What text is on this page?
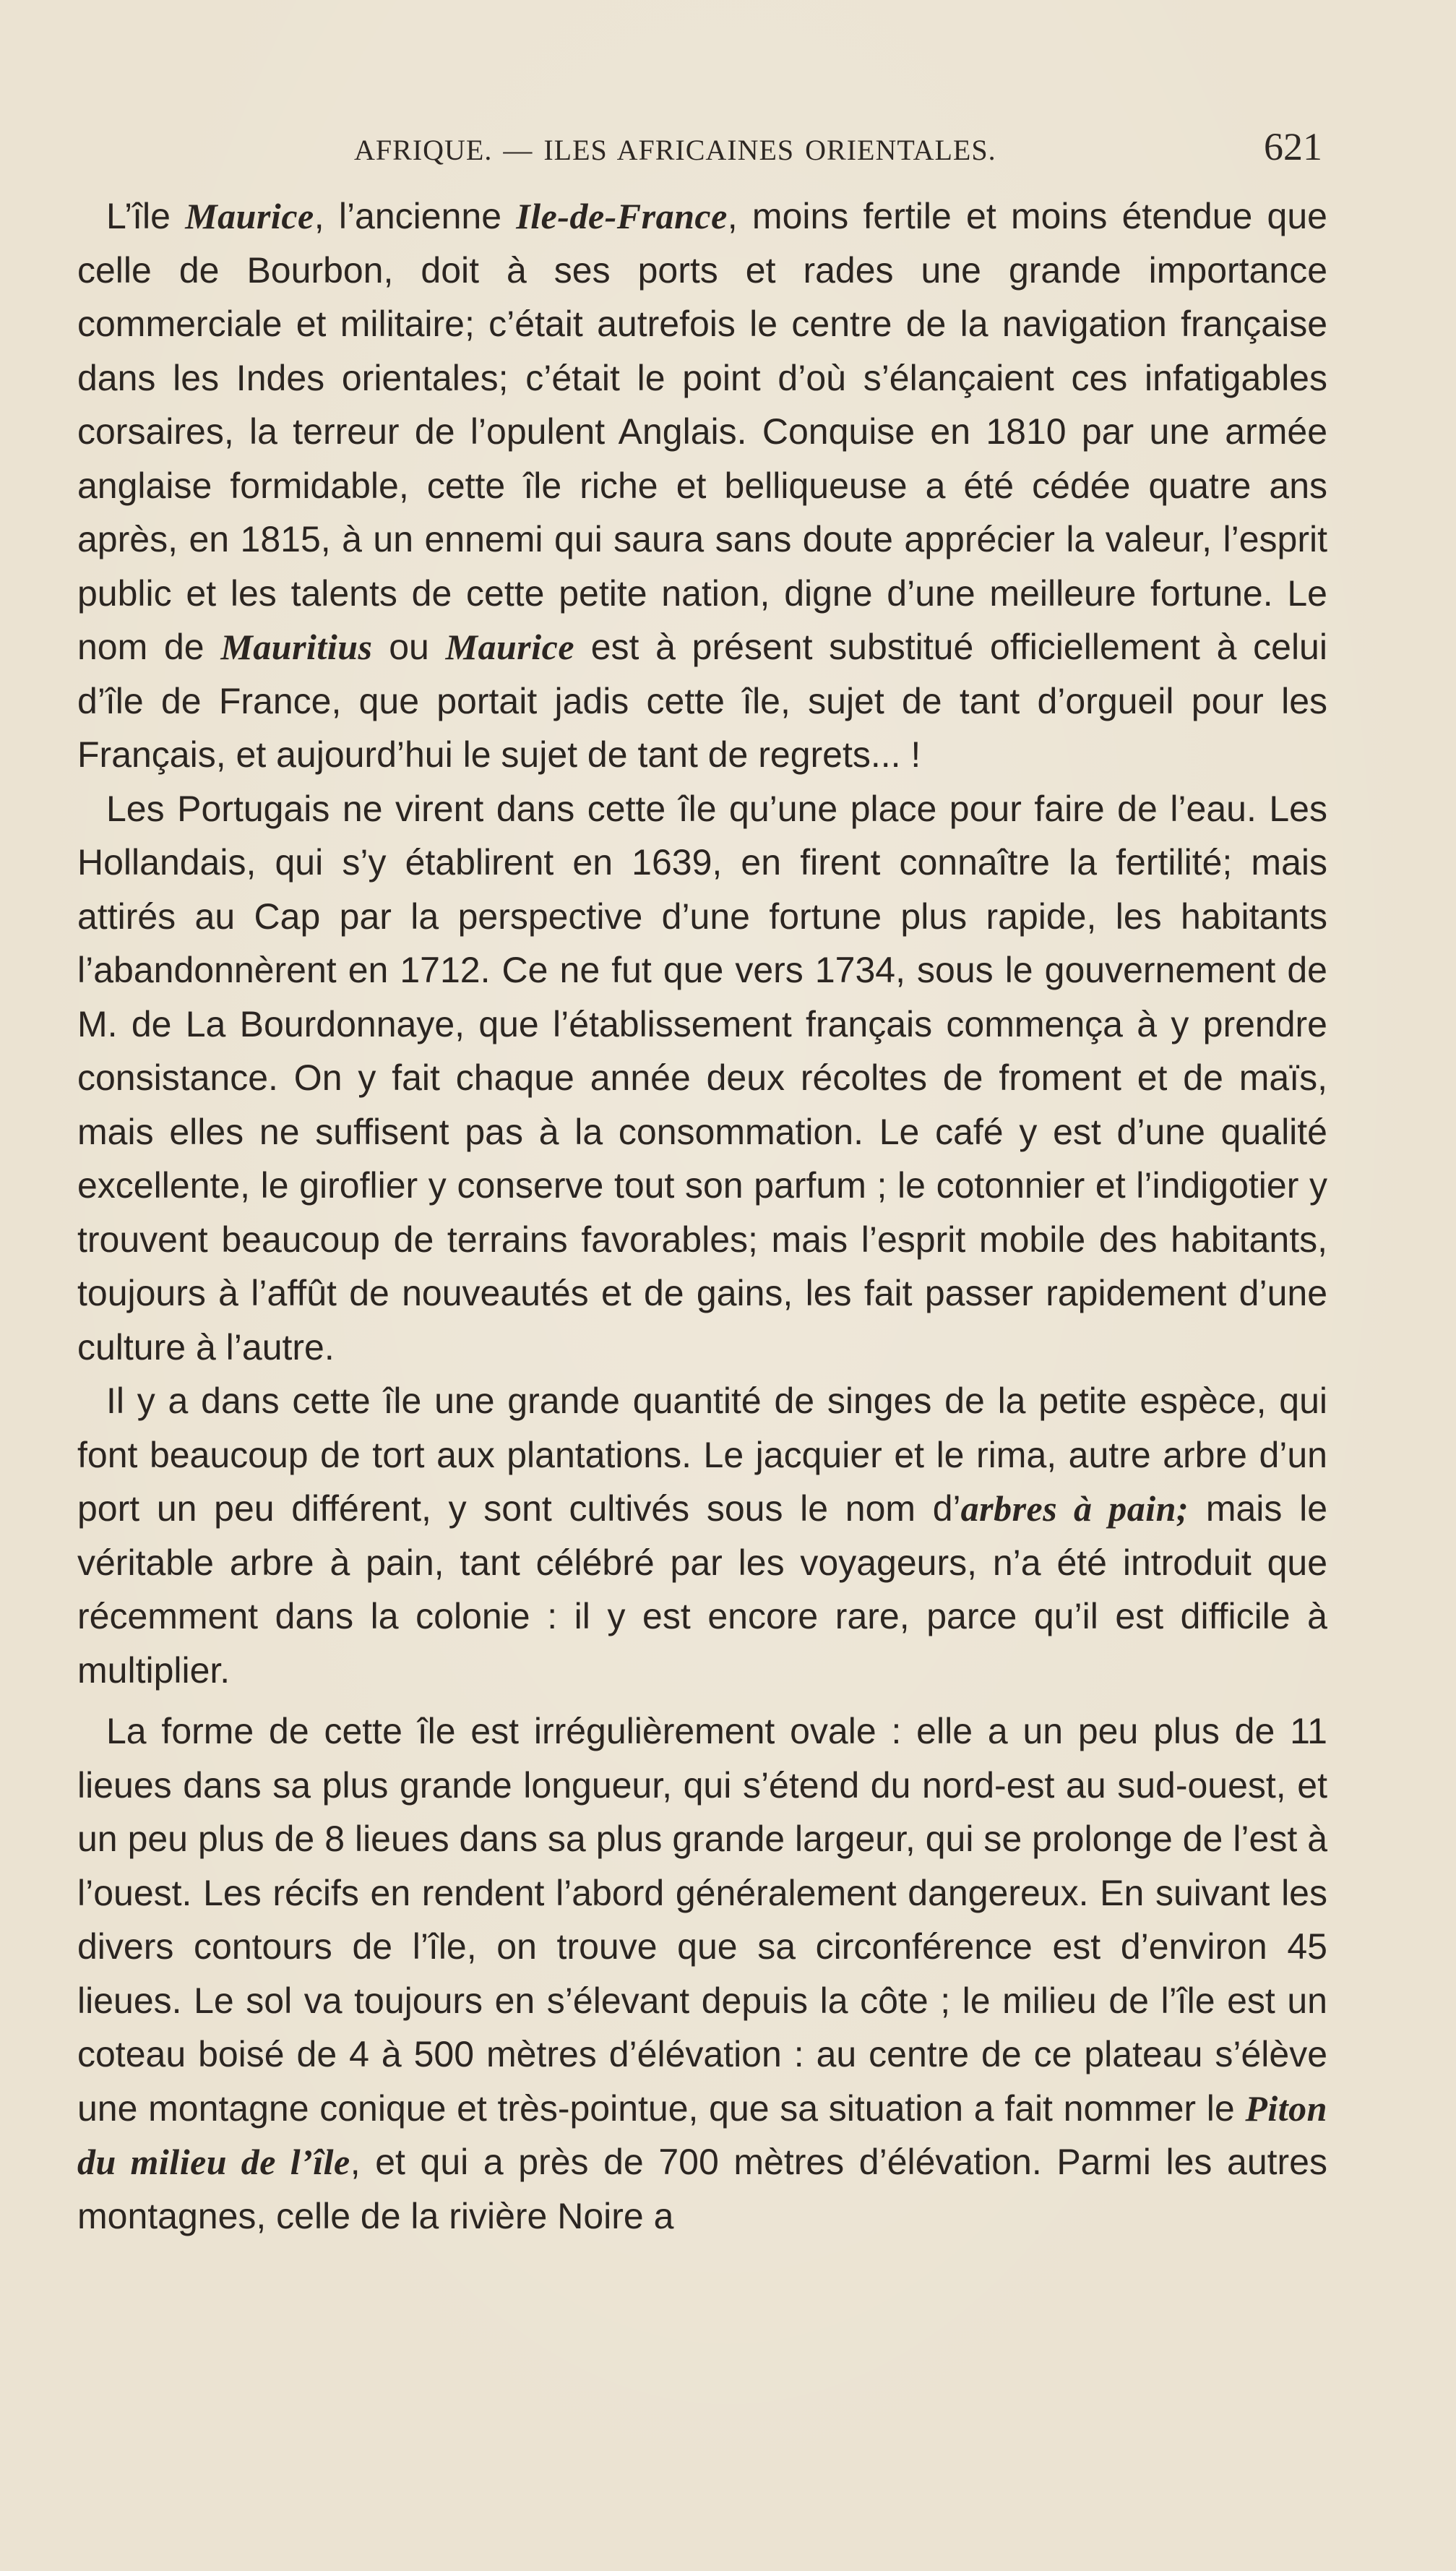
AFRIQUE. — ILES AFRICAINES ORIENTALES.	621

L’île Maurice, l’ancienne Ile-de-France, moins fertile et moins étendue que celle de Bourbon, doit à ses ports et rades une grande importance commerciale et militaire; c’était autrefois le centre de la navigation française dans les Indes orientales; c’était le point d’où s’élançaient ces infatigables corsaires, la terreur de l’opulent Anglais. Conquise en 1810 par une armée anglaise formidable, cette île riche et belliqueuse a été cédée quatre ans après, en 1815, à un ennemi qui saura sans doute apprécier la valeur, l’esprit public et les talents de cette petite nation, digne d’une meilleure fortune. Le nom de Mauritius ou Maurice est à présent substitué officiellement à celui d’île de France, que portait jadis cette île, sujet de tant d’orgueil pour les Français, et aujourd’hui le sujet de tant de regrets... !

Les Portugais ne virent dans cette île qu’une place pour faire de l’eau. Les Hollandais, qui s’y établirent en 1639, en firent connaître la fertilité; mais attirés au Cap par la perspective d’une fortune plus rapide, les habitants l’abandonnèrent en 1712. Ce ne fut que vers 1734, sous le gouvernement de M. de La Bourdonnaye, que l’établissement français commença à y prendre consistance. On y fait chaque année deux récoltes de froment et de maïs, mais elles ne suffisent pas à la consommation. Le café y est d’une qualité excellente, le giroflier y conserve tout son parfum ; le cotonnier et l’indigotier y trouvent beaucoup de terrains favorables; mais l’esprit mobile des habitants, toujours à l’affût de nouveautés et de gains, les fait passer rapidement d’une culture à l’autre.

Il y a dans cette île une grande quantité de singes de la petite espèce, qui font beaucoup de tort aux plantations. Le jacquier et le rima, autre arbre d’un port un peu différent, y sont cultivés sous le nom d’arbres à pain; mais le véritable arbre à pain, tant célébré par les voyageurs, n’a été introduit que récemment dans la colonie : il y est encore rare, parce qu’il est difficile à multiplier.

La forme de cette île est irrégulièrement ovale : elle a un peu plus de 11 lieues dans sa plus grande longueur, qui s’étend du nord-est au sud-ouest, et un peu plus de 8 lieues dans sa plus grande largeur, qui se prolonge de l’est à l’ouest. Les récifs en rendent l’abord généralement dangereux. En suivant les divers contours de l’île, on trouve que sa circonférence est d’environ 45 lieues. Le sol va toujours en s’élevant depuis la côte ; le milieu de l’île est un coteau boisé de 4 à 500 mètres d’élévation : au centre de ce plateau s’élève une montagne conique et très-pointue, que sa situation a fait nommer le Piton du milieu de l’île, et qui a près de 700 mètres d’élévation. Parmi les autres montagnes, celle de la rivière Noire a
